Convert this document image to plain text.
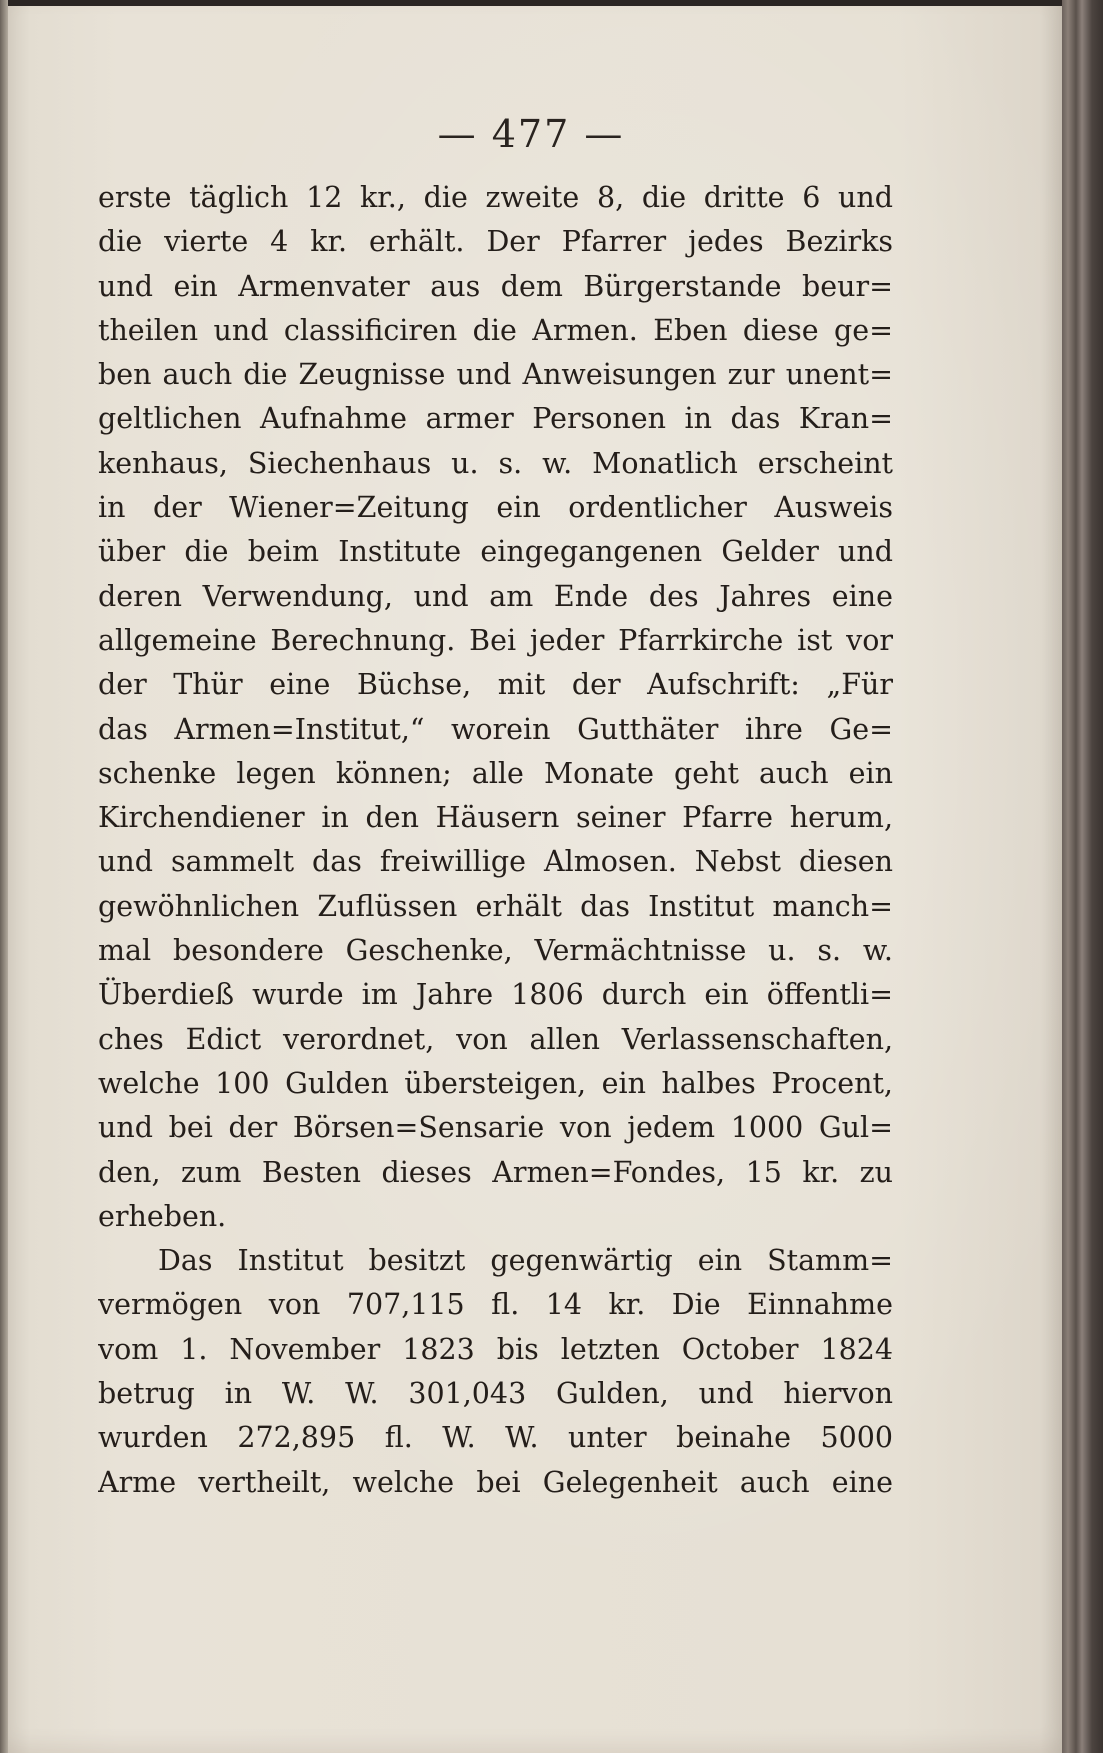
— 477 —
erste täglich 12 kr., die zweite 8, die dritte 6 und
die vierte 4 kr. erhält. Der Pfarrer jedes Bezirks
und ein Armenvater aus dem Bürgerstande beur=
theilen und classificiren die Armen. Eben diese ge=
ben auch die Zeugnisse und Anweisungen zur unent=
geltlichen Aufnahme armer Personen in das Kran=
kenhaus, Siechenhaus u. s. w. Monatlich erscheint
in der Wiener=Zeitung ein ordentlicher Ausweis
über die beim Institute eingegangenen Gelder und
deren Verwendung, und am Ende des Jahres eine
allgemeine Berechnung. Bei jeder Pfarrkirche ist vor
der Thür eine Büchse, mit der Aufschrift: „Für
das Armen=Institut,“ worein Gutthäter ihre Ge=
schenke legen können; alle Monate geht auch ein
Kirchendiener in den Häusern seiner Pfarre herum,
und sammelt das freiwillige Almosen. Nebst diesen
gewöhnlichen Zuflüssen erhält das Institut manch=
mal besondere Geschenke, Vermächtnisse u. s. w.
Überdieß wurde im Jahre 1806 durch ein öffentli=
ches Edict verordnet, von allen Verlassenschaften,
welche 100 Gulden übersteigen, ein halbes Procent,
und bei der Börsen=Sensarie von jedem 1000 Gul=
den, zum Besten dieses Armen=Fondes, 15 kr. zu
erheben.
Das Institut besitzt gegenwärtig ein Stamm=
vermögen von 707,115 fl. 14 kr. Die Einnahme
vom 1. November 1823 bis letzten October 1824
betrug in W. W. 301,043 Gulden, und hiervon
wurden 272,895 fl. W. W. unter beinahe 5000
Arme vertheilt, welche bei Gelegenheit auch eine
